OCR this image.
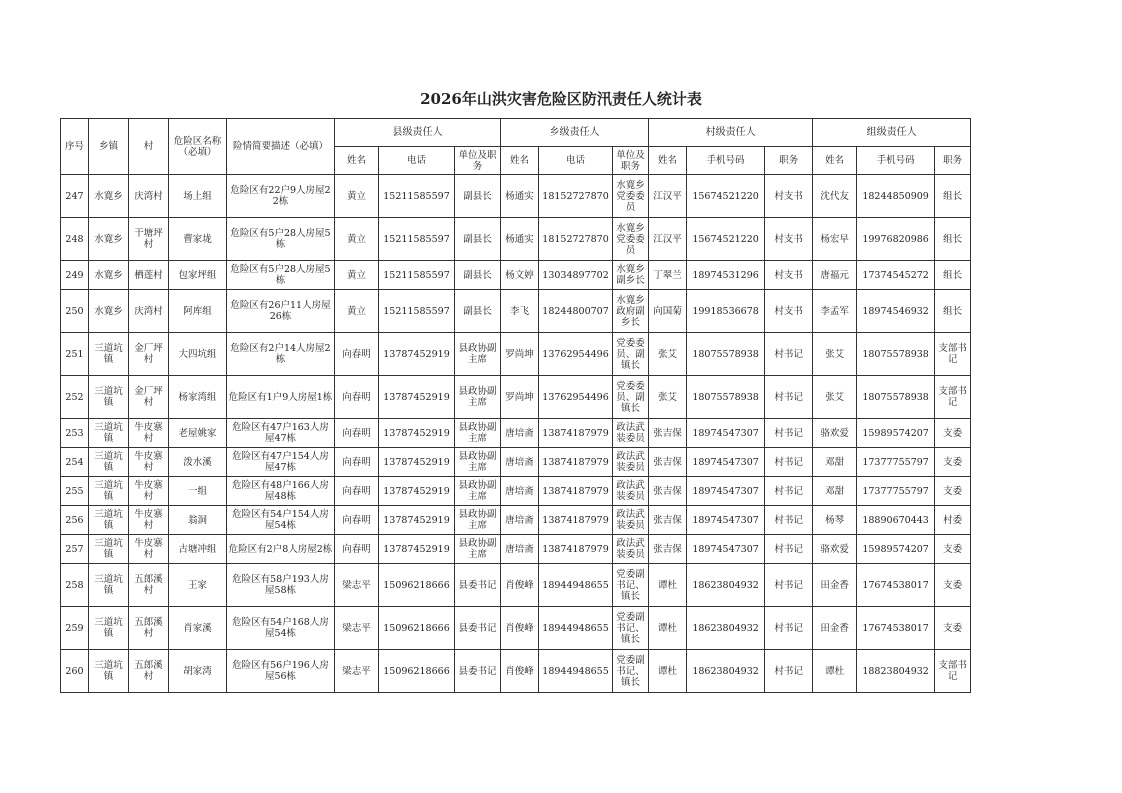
2026年山洪灾害危险区防汛责任人统计表
序号	乡镇	村	危险区名称（必填）	险情简要描述（必填）	县级责任人			乡级责任人			村级责任人			组级责任人		
					姓名	电话	单位及职务	姓名	电话	单位及职务	姓名	手机号码	职务	姓名	手机号码	职务
247	水寛乡	庆湾村	场上组	危险区有22户9人房屋22栋	黄立	15211585597	副县长	杨通实	18152727870	水寛乡党委委员	江汉平	15674521220	村支书	沈代友	18244850909	组长
248	水寛乡	干塘坪村	曹家垅	危险区有5户28人房屋5栋	黄立	15211585597	副县长	杨通实	18152727870	水寛乡党委委员	江汉平	15674521220	村支书	杨宏早	19976820986	组长
249	水寛乡	栖莲村	包家坪组	危险区有5户28人房屋5栋	黄立	15211585597	副县长	杨文婷	13034897702	水寛乡副乡长	丁翠兰	18974531296	村支书	唐福元	17374545272	组长
250	水寛乡	庆湾村	阿库组	危险区有26户11人房屋26栋	黄立	15211585597	副县长	李飞	18244800707	水寛乡政府副乡长	向国菊	19918536678	村支书	李孟军	18974546932	组长
251	三道坑镇	金厂坪村	大四坑组	危险区有2户14人房屋2栋	向春明	13787452919	县政协副主席	罗尚坤	13762954496	党委委员、副镇长	张艾	18075578938	村书记	张艾	18075578938	支部书记
252	三道坑镇	金厂坪村	杨家湾组	危险区有1户9人房屋1栋	向春明	13787452919	县政协副主席	罗尚坤	13762954496	党委委员、副镇长	张艾	18075578938	村书记	张艾	18075578938	支部书记
253	三道坑镇	牛皮寨村	老屋姚家	危险区有47户163人房屋47栋	向春明	13787452919	县政协副主席	唐培斋	13874187979	政法武装委员	张吉保	18974547307	村书记	骆欢爱	15989574207	支委
254	三道坑镇	牛皮寨村	泼水溪	危险区有47户154人房屋47栋	向春明	13787452919	县政协副主席	唐培斋	13874187979	政法武装委员	张吉保	18974547307	村书记	邓甜	17377755797	支委
255	三道坑镇	牛皮寨村	一组	危险区有48户166人房屋48栋	向春明	13787452919	县政协副主席	唐培斋	13874187979	政法武装委员	张吉保	18974547307	村书记	邓甜	17377755797	支委
256	三道坑镇	牛皮寨村	翁洞	危险区有54户154人房屋54栋	向春明	13787452919	县政协副主席	唐培斋	13874187979	政法武装委员	张吉保	18974547307	村书记	杨琴	18890670443	村委
257	三道坑镇	牛皮寨村	古塘冲组	危险区有2户8人房屋2栋	向春明	13787452919	县政协副主席	唐培斋	13874187979	政法武装委员	张吉保	18974547307	村书记	骆欢爱	15989574207	支委
258	三道坑镇	五郎溪村	王家	危险区有58户193人房屋58栋	梁志平	15096218666	县委书记	肖俊峰	18944948655	党委副书记、镇长	谭杜	18623804932	村书记	田金香	17674538017	支委
259	三道坑镇	五郎溪村	肖家溪	危险区有54户168人房屋54栋	梁志平	15096218666	县委书记	肖俊峰	18944948655	党委副书记、镇长	谭杜	18623804932	村书记	田金香	17674538017	支委
260	三道坑镇	五郎溪村	胡家湾	危险区有56户196人房屋56栋	梁志平	15096218666	县委书记	肖俊峰	18944948655	党委副书记、镇长	谭杜	18623804932	村书记	谭杜	18823804932	支部书记
